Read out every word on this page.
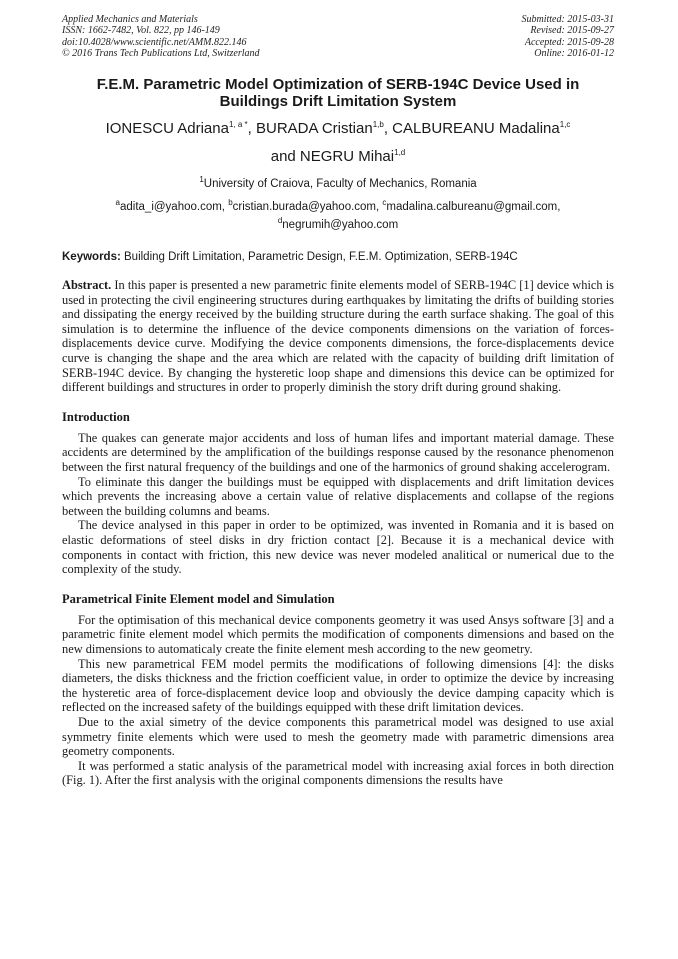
Applied Mechanics and Materials
ISSN: 1662-7482, Vol. 822, pp 146-149
doi:10.4028/www.scientific.net/AMM.822.146
© 2016 Trans Tech Publications Ltd, Switzerland
Submitted: 2015-03-31
Revised: 2015-09-27
Accepted: 2015-09-28
Online: 2016-01-12
F.E.M. Parametric Model Optimization of SERB-194C Device Used in Buildings Drift Limitation System
IONESCU Adriana$^{1, a *}$, BURADA Cristian$^{1,b}$, CALBUREANU Madalina$^{1,c}$
and NEGRU Mihai$^{1,d}$
$^1$University of Craiova, Faculty of Mechanics, Romania
$^a$adita_i@yahoo.com, $^b$cristian.burada@yahoo.com, $^c$madalina.calbureanu@gmail.com,
$^d$negrumih@yahoo.com
Keywords: Building Drift Limitation, Parametric Design, F.E.M. Optimization, SERB-194C

Abstract. In this paper is presented a new parametric finite elements model of SERB-194C [1] device which is used in protecting the civil engineering structures during earthquakes by limitating the drifts of building stories and dissipating the energy received by the building structure during the earth surface shaking. The goal of this simulation is to determine the influence of the device components dimensions on the variation of forces-displacements device curve. Modifying the device components dimensions, the force-displacements device curve is changing the shape and the area which are related with the capacity of building drift limitation of SERB-194C device. By changing the hysteretic loop shape and dimensions this device can be optimized for different buildings and structures in order to properly diminish the story drift during ground shaking.

Introduction

The quakes can generate major accidents and loss of human lifes and important material damage. These accidents are determined by the amplification of the buildings response caused by the resonance phenomenon between the first natural frequency of the buildings and one of the harmonics of ground shaking accelerogram.

To eliminate this danger the buildings must be equipped with displacements and drift limitation devices which prevents the increasing above a certain value of relative displacements and collapse of the regions between the building columns and beams.

The device analysed in this paper in order to be optimized, was invented in Romania and it is based on elastic deformations of steel disks in dry friction contact [2]. Because it is a mechanical device with components in contact with friction, this new device was never modeled analitical or numerical due to the complexity of the study.

Parametrical Finite Element model and Simulation

For the optimisation of this mechanical device components geometry it was used Ansys software [3] and a parametric finite element model which permits the modification of components dimensions and based on the new dimensions to automaticaly create the finite element mesh according to the new geometry.

This new parametrical FEM model permits the modifications of following dimensions [4]: the disks diameters, the disks thickness and the friction coefficient value, in order to optimize the device by increasing the hysteretic area of force-displacement device loop and obviously the device damping capacity which is reflected on the increased safety of the buildings equipped with these drift limitation devices.

Due to the axial simetry of the device components this parametrical model was designed to use axial symmetry finite elements which were used to mesh the geometry made with parametric dimensions area geometry components.

It was performed a static analysis of the parametrical model with increasing axial forces in both direction (Fig. 1). After the first analysis with the original components dimensions the results have
